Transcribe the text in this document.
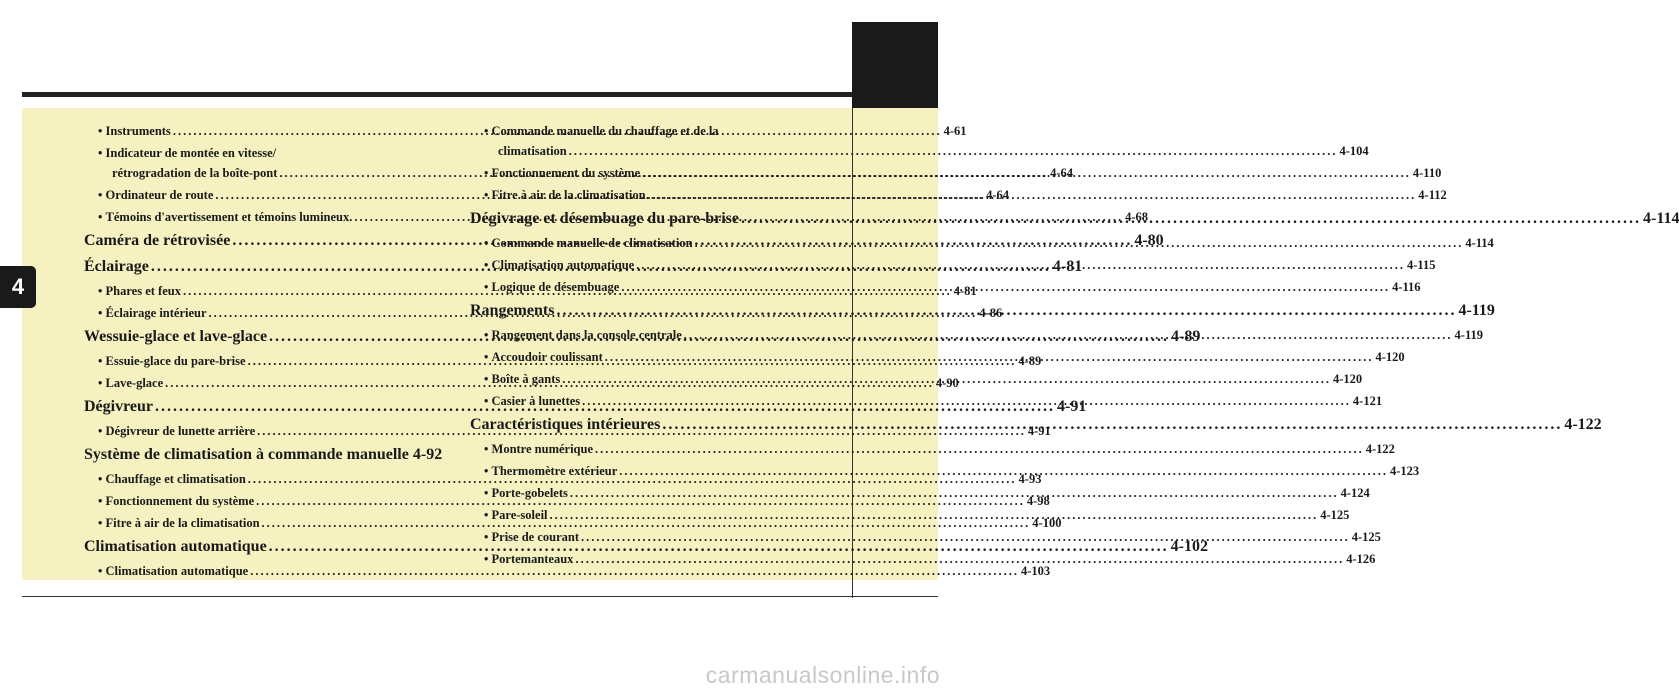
4
• Instruments .....	4-61
• Indicateur de montée en vitesse/
rétrogradation de la boîte-pont .....	4-64
• Ordinateur de route .....	4-64
• Témoins d'avertissement et témoins lumineux. .....	4-68
Caméra de rétrovisée .....	4-80
Éclairage .....	4-81
• Phares et feux .....	4-81
• Éclairage intérieur .....	4-86
Wessuie-glace et lave-glace .....	4-89
• Essuie-glace du pare-brise .....	4-89
• Lave-glace .....	4-90
Dégivreur .....	4-91
• Dégivreur de lunette arrière .....	4-91
Système de climatisation à commande manuelle 4-92
• Chauffage et climatisation .....	4-93
• Fonctionnement du système .....	4-98
• Fitre à air de la climatisation .....	4-100
Climatisation automatique .....	4-102
• Climatisation automatique .....	4-103
• Commande manuelle du chauffage et de la
climatisation .....	4-104
• Fonctionnement du système .....	4-110
• Fitre à air de la climatisation .....	4-112
Dégivrage et désembuage du pare-brise .....	4-114
• Commande manuelle de climatisation .....	4-114
• Climatisation automatique .....	4-115
• Logique de désembuage .....	4-116
Rangements .....	4-119
• Rangement dans la console centrale .....	4-119
• Accoudoir coulissant .....	4-120
• Boîte à gants .....	4-120
• Casier à lunettes .....	4-121
Caractéristiques intérieures .....	4-122
• Montre numérique .....	4-122
• Thermomètre extérieur .....	4-123
• Porte-gobelets .....	4-124
• Pare-soleil .....	4-125
• Prise de courant .....	4-125
• Portemanteaux .....	4-126
carmanualsonline.info
